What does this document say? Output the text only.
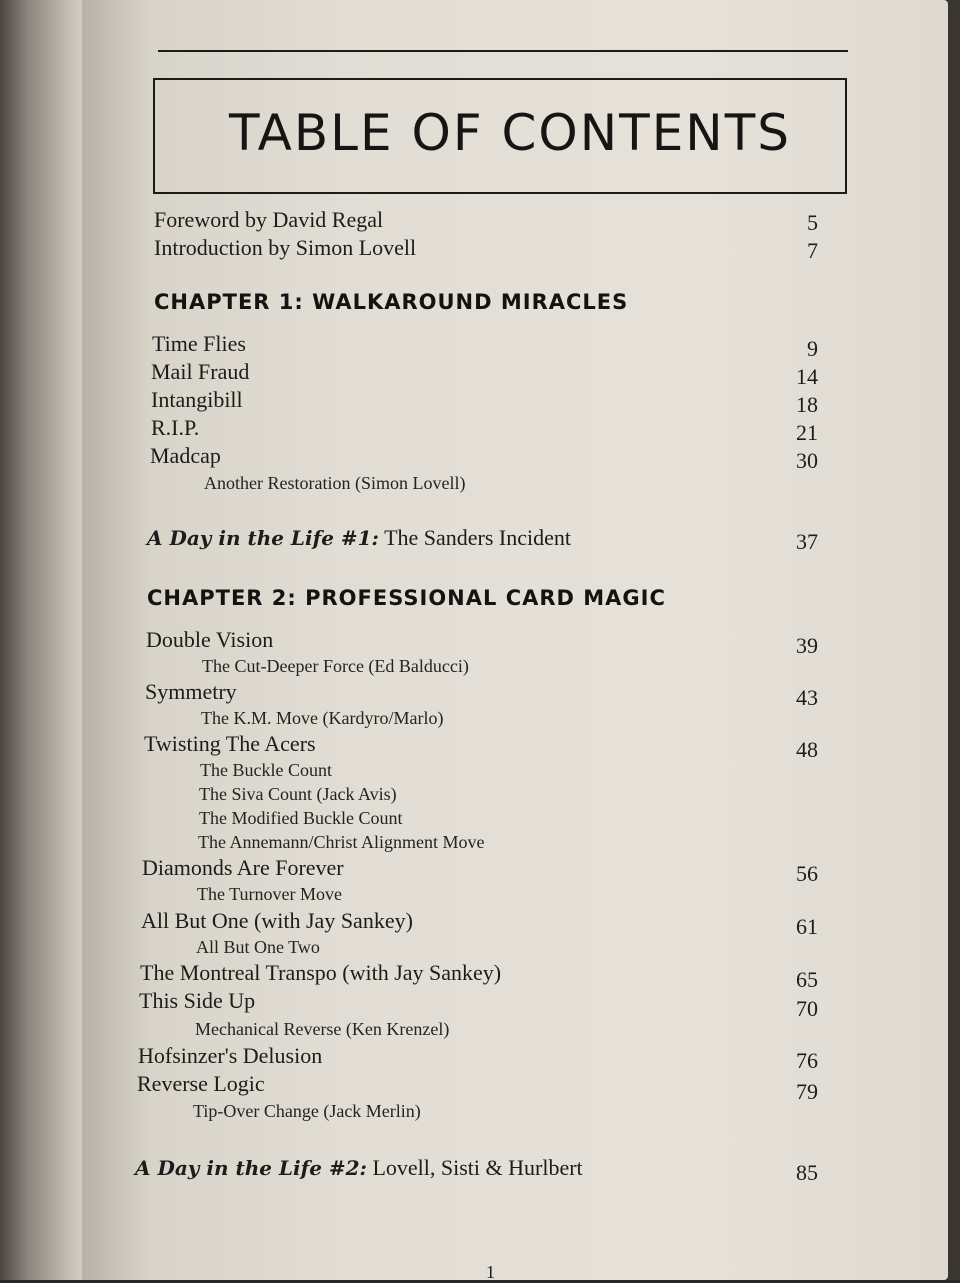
TABLE OF CONTENTS
Foreword by David Regal	5
Introduction by Simon Lovell	7
CHAPTER 1: WALKAROUND MIRACLES
Time Flies	9
Mail Fraud	14
Intangibill	18
R.I.P.	21
Madcap	30
Another Restoration (Simon Lovell)
A Day in the Life #1: The Sanders Incident	37
CHAPTER 2: PROFESSIONAL CARD MAGIC
Double Vision	39
The Cut-Deeper Force (Ed Balducci)
Symmetry	43
The K.M. Move (Kardyro/Marlo)
Twisting The Acers	48
The Buckle Count
The Siva Count (Jack Avis)
The Modified Buckle Count
The Annemann/Christ Alignment Move
Diamonds Are Forever	56
The Turnover Move
All But One (with Jay Sankey)	61
All But One Two
The Montreal Transpo (with Jay Sankey)	65
This Side Up	70
Mechanical Reverse (Ken Krenzel)
Hofsinzer's Delusion	76
Reverse Logic	79
Tip-Over Change (Jack Merlin)
A Day in the Life #2: Lovell, Sisti & Hurlbert	85
1
